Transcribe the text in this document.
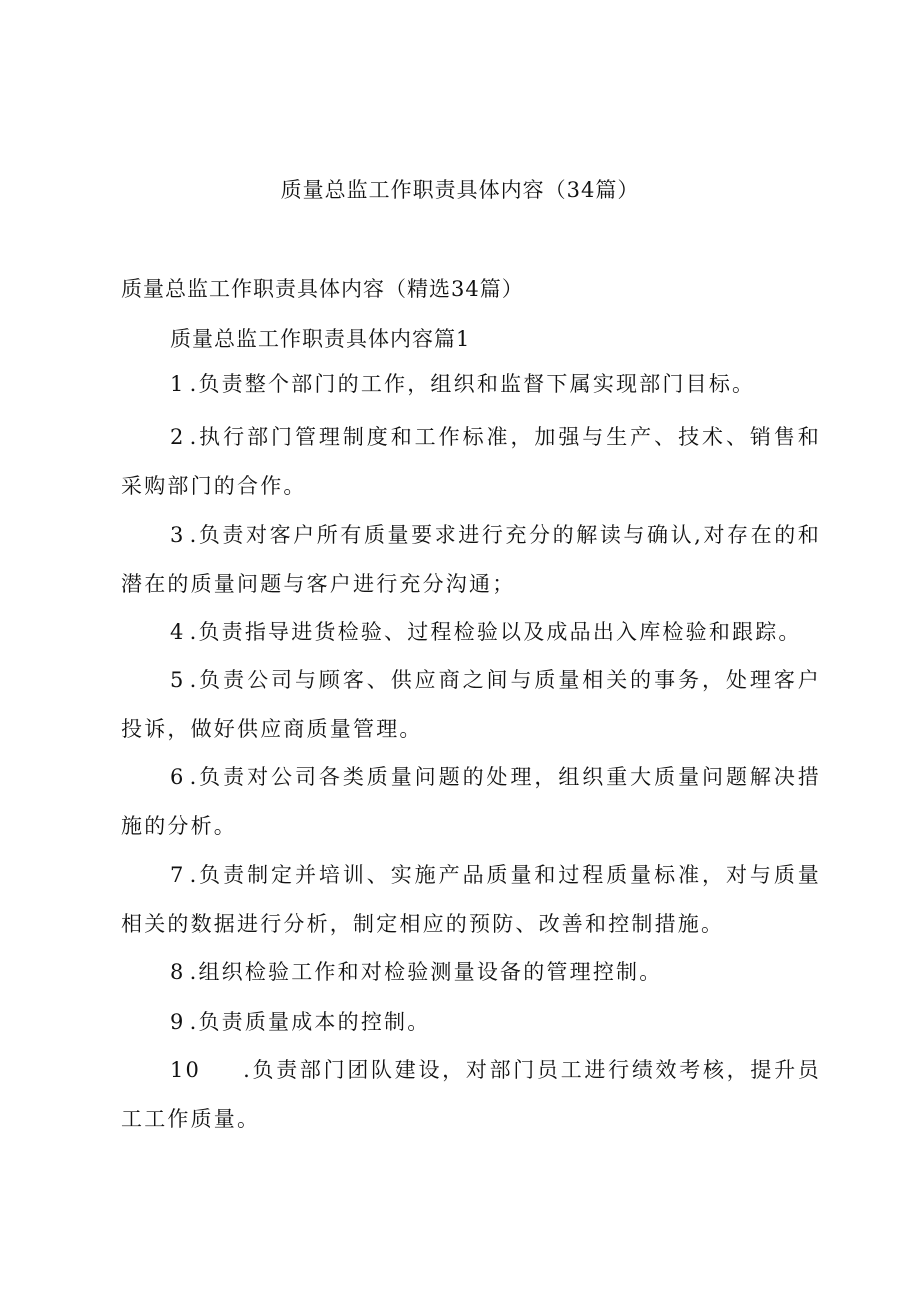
质量总监工作职责具体内容（34篇）
质量总监工作职责具体内容（精选34篇）
质量总监工作职责具体内容篇1

1 .负责整个部门的工作，组织和监督下属实现部门目标。

2 .执行部门管理制度和工作标准，加强与生产、技术、销售和采购部门的合作。

3 .负责对客户所有质量要求进行充分的解读与确认,对存在的和潜在的质量问题与客户进行充分沟通；

4 .负责指导进货检验、过程检验以及成品出入库检验和跟踪。

5 .负责公司与顾客、供应商之间与质量相关的事务，处理客户投诉，做好供应商质量管理。

6 .负责对公司各类质量问题的处理，组织重大质量问题解决措施的分析。

7 .负责制定并培训、实施产品质量和过程质量标准，对与质量相关的数据进行分析，制定相应的预防、改善和控制措施。

8 .组织检验工作和对检验测量设备的管理控制。

9 .负责质量成本的控制。

10 .负责部门团队建设，对部门员工进行绩效考核，提升员工工作质量。
